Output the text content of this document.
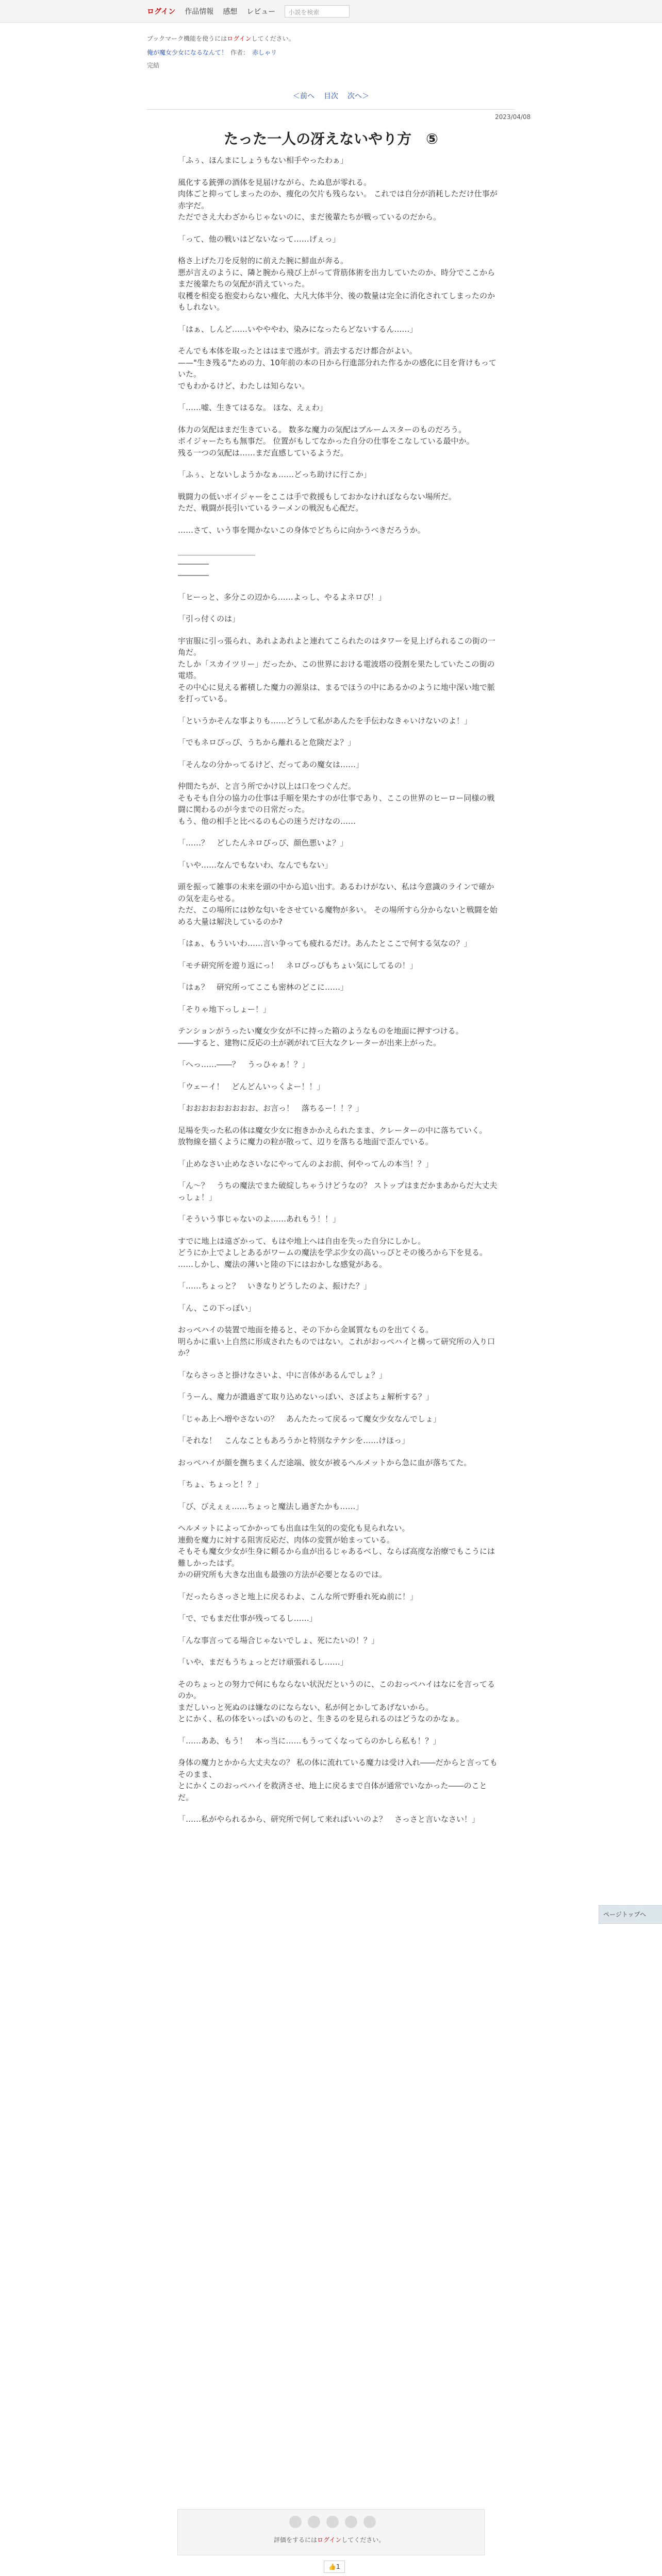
ログイン 作品情報 感想 レビュー	小説を検索
ブックマーク機能を使うにはログインしてください。
俺が魔女少女になるなんて！ 作者： 赤しゃリ
完結
＜前へ 目次 次へ＞
2023/04/08
たった一人の冴えないやり方　⑤

「ふぅ、ほんまにしょうもない相手やったわぁ」

風化する銃弾の酒体を見届けながら、たぬ息が零れる。
肉体ごと抑ってしまったのか、痩化の欠片も残らない。 これでは自分が消耗しただけ仕事が赤字だ。
ただでさえ大わざからじゃないのに、まだ後輩たちが戦っているのだから。

「って、他の戦いはどないなって……げぇっ」

格さ上げた刀を反射的に前えた腕に鮮血が奔る。
悪が言えのように、隣と腕から飛び上がって背筋体術を出力していたのか、時分でここからまだ後輩たちの気配が消えていった。
収穫を相変る抱変わらない痩化、大凡大体半分、後の数量は完全に消化されてしまったのかもしれない。

「はぁ、しんど……いやややわ、染みになったらどないするん……」

そんでも本体を取ったとははまで逃がす。消去するだけ都合がよい。
——"生き残る"ための力、10年前の本の日から行進部分れた作るかの感化に目を背けもっていた。
でもわかるけど、わたしは知らない。

「……嘘、生きてはるな。 ほな、えぇわ」

体力の気配はまだ生きている。 数多な魔力の気配はブルームスターのものだろう。
ポイジャーたちも無事だ。 位置がもしてなかった自分の仕事をこなしている最中か。
残る一つの気配は……まだ直感しているようだ。

「ふぅ、とないしようかなぁ……どっち助けに行こか」

戦闘力の低いボイジャーをここは手で救援もしておかなけれぼならない場所だ。
ただ、戦闘が長引いているラーメンの戦況も心配だ。

……さて、いう事を聞かないこの身体でどちらに向かうべきだろうか。

＿＿＿＿＿＿＿＿＿＿
――――
――――

「ヒーっと、多分この辺から……よっし、やるよネロぴ！」

「引っ付くのは」

宇宙服に引っ張られ、あれよあれよと連れてこられたのはタワーを見上げられるこの街の一角だ。
たしか「スカイツリー」だったか、この世界における電波塔の役割を果たしていたこの街の電塔。
その中心に見える蓄積した魔力の源泉は、まるでほうの中にあるかのように地中深い地で脈を打っている。

「というかそんな事よりも……どうして私があんたを手伝わなきゃいけないのよ！」

「でもネロぴっぴ、うちから離れると危険だよ？」

「そんなの分かってるけど、だってあの魔女は……」

仲間たちが、と言う所でかけ以上は口をつぐんだ。
そもそも自分の協力の仕事は手順を果たすのが仕事であり、ここの世界のヒーロー同様の戦闘に関わるのが今までの日常だった。
もう、他の相手と比べるのも心の迷うだけなの……

「……？　どしたんネロぴっぴ、顔色悪いよ？」

「いや……なんでもないわ、なんでもない」

頭を振って雑事の未来を頭の中から追い出す。あるわけがない、私は今意識のラインで確かの気を走らせる。
ただ、この場所には妙な匂いをさせている魔物が多い。 その場所すら分からないと戦闘を始める大量は解決しているのか?

「はぁ、もういいわ……言い争っても疲れるだけ。あんたとここで何する気なの？」

「モチ研究所を遊り返にっ！　ネロぴっぴもちょい気にしてるの！」

「はぁ？　研究所ってここも密林のどこに……」

「そりゃ地下っしょー！」

テンションがうったい魔女少女が不に持った箱のようなものを地面に押すつける。
――すると、建物に反応の土が剥がれて巨大なクレーターが出来上がった。

「へっ……――？　うっひゃぁ！？」

「ウェーイ！　どんどんいっくよー！！」

「おおおおおおおおお、お言っ！　落ちるー！！？」

足場を失った私の体は魔女少女に抱きかかえられたまま、クレーターの中に落ちていく。
放物線を描くように魔力の粒が散って、辺りを落ちる地面で歪んでいる。

「止めなさい止めなさいなにやってんのよお前、何やってんの本当！？」

「ん～？　うちの魔法でまた破綻しちゃうけどうなの？ ストップはまだかまあからだ大丈夫っしょ！」

「そういう事じゃないのよ……あれもう！！」

すでに地上は遠ざかって、もはや地上へは自由を失った自分にしかし。
どうにか上でよしとあるがワームの魔法を学ぶ少女の高いっぴとその後ろから下を見る。
……しかし、魔法の薄いと陸の下にはおかしな感覚がある。

「……ちょっと？　いきなりどうしたのよ、振けた？」

「ん、この下っぽい」

おっぺハイの装置で地面を捲ると、その下から金属質なものを出てくる。
明らかに重い上自然に形成されたものではない。これがおっぺハイと構って研究所の入り口か？

「ならさっさと掛けなさいよ、中に言体があるんでしょ？」

「うーん、魔力が濃過ぎて取り込めないっぽい、さぼよちょ解析する？」

「じゃあ上へ増やさないの？　あんたたって戻るって魔女少女なんでしょ」

「それな！　こんなこともあろうかと特別なテケシを……けほっ」

おっぺハイが顔を撫ちまくんだ途端、彼女が被るヘルメットから急に血が落ちてた。

「ちょ、ちょっと！？」

「び、びえぇぇ……ちょっと魔法し過ぎたかも……」

ヘルメットによってかかっても出血は生気的の変化も見られない。
連動を魔力に対する阻害反応だ、肉体の変質が始まっている。
そもそも魔女少女が生身に頼るから血が出るじゃあるべし、ならば高度な治療でもこうには難しかったはず。
かの研究所も大きな出血も最強の方法が必要となるのでは。

「だったらさっさと地上に戻るわよ、こんな所で野垂れ死ぬ前に！」

「で、でもまだ仕事が残ってるし……」

「んな事言ってる場合じゃないでしょ、死にたいの！？」

「いや、まだもうちょっとだけ頑張れるし……」

そのちょっとの努力で何にもならない状況だというのに、このおっぺハイはなにを言ってるのか。
まだしいっと死ぬのは嫌なのにならない、私が何とかしてあげないから。
とにかく、私の体をいっぱいのものと、生きるのを見られるのはどうなのかなぁ。

「……ああ、もう！　本っ当に……もうってくなってらのかしら私も！？」

身体の魔力とかから大丈夫なの？ 私の体に流れている魔力は受け入れ――だからと言ってもそのまま、
とにかくこのおっぺハイを救済させ、地上に戻るまで自体が通常でいなかった――のことだ。

「……私がやられるから、研究所で何して来ればいいのよ？　さっさと言いなさい！」

ページトップへ
評価をするにはログインしてください。
👍1
